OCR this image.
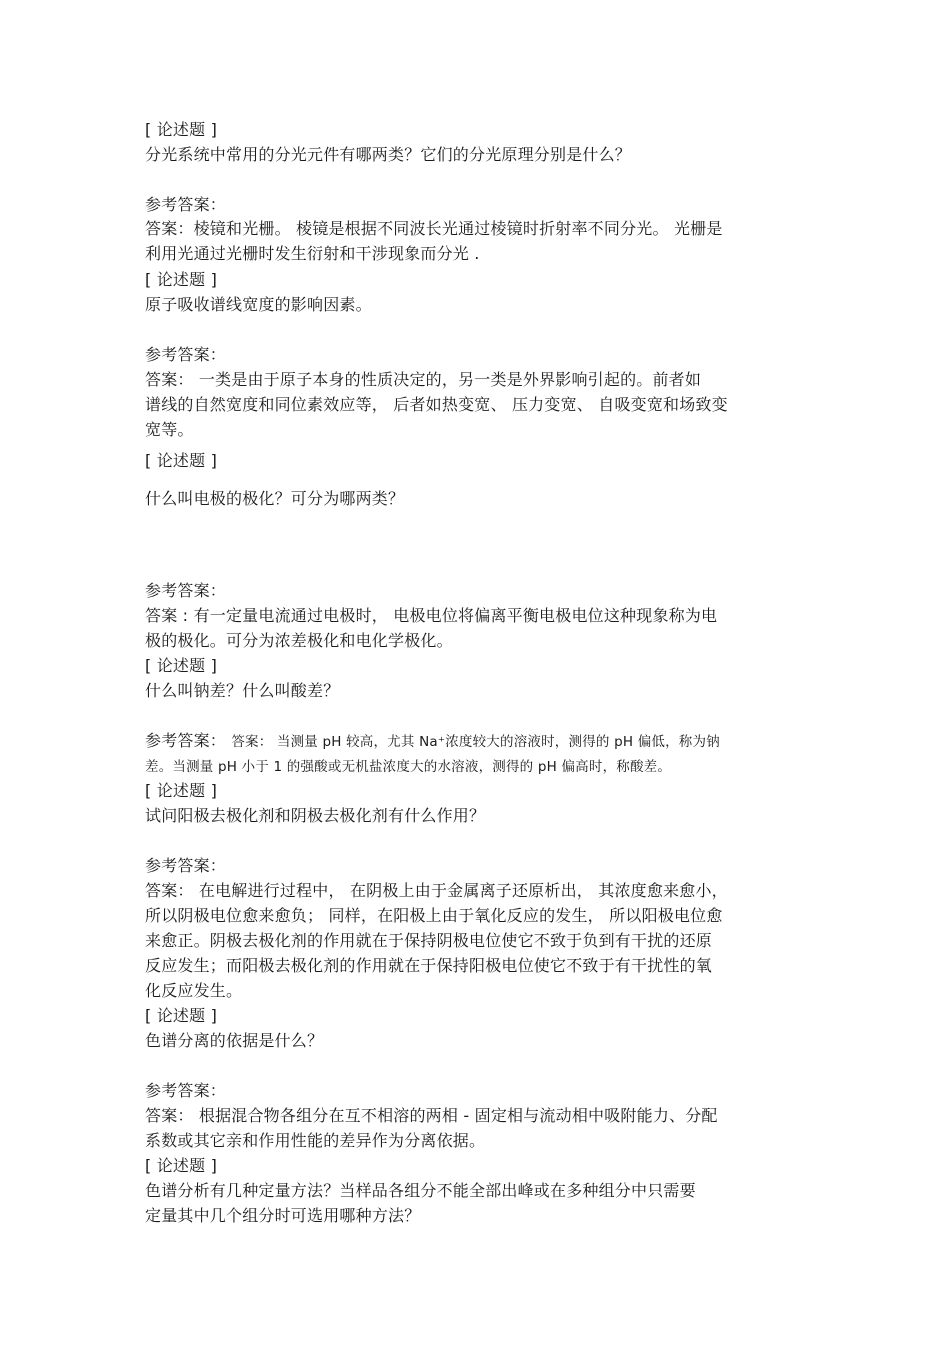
[ 论述题 ]
分光系统中常用的分光元件有哪两类？它们的分光原理分别是什么？
参考答案：
答案：棱镜和光栅。 棱镜是根据不同波长光通过棱镜时折射率不同分光。 光栅是
利用光通过光栅时发生衍射和干涉现象而分光 .
[ 论述题 ]
原子吸收谱线宽度的影响因素。
参考答案：
答案： 一类是由于原子本身的性质决定的，另一类是外界影响引起的。前者如
谱线的自然宽度和同位素效应等， 后者如热变宽、 压力变宽、 自吸变宽和场致变
宽等。
[ 论述题 ]
什么叫电极的极化？可分为哪两类？
参考答案：
答案 : 有一定量电流通过电极时， 电极电位将偏离平衡电极电位这种现象称为电
极的极化。可分为浓差极化和电化学极化。
[ 论述题 ]
什么叫钠差？什么叫酸差？
参考答案： 答案： 当测量 pH 较高，尤其 Na⁺浓度较大的溶液时，测得的 pH 偏低，称为钠
差。当测量 pH 小于 1 的强酸或无机盐浓度大的水溶液，测得的 pH 偏高时，称酸差。
[ 论述题 ]
试问阳极去极化剂和阴极去极化剂有什么作用？
参考答案：
答案： 在电解进行过程中， 在阴极上由于金属离子还原析出， 其浓度愈来愈小，
所以阴极电位愈来愈负； 同样，在阳极上由于氧化反应的发生， 所以阳极电位愈
来愈正。阴极去极化剂的作用就在于保持阴极电位使它不致于负到有干扰的还原
反应发生；而阳极去极化剂的作用就在于保持阳极电位使它不致于有干扰性的氧
化反应发生。
[ 论述题 ]
色谱分离的依据是什么？
参考答案：
答案： 根据混合物各组分在互不相溶的两相 - 固定相与流动相中吸附能力、分配
系数或其它亲和作用性能的差异作为分离依据。
[ 论述题 ]
色谱分析有几种定量方法？当样品各组分不能全部出峰或在多种组分中只需要
定量其中几个组分时可选用哪种方法？
